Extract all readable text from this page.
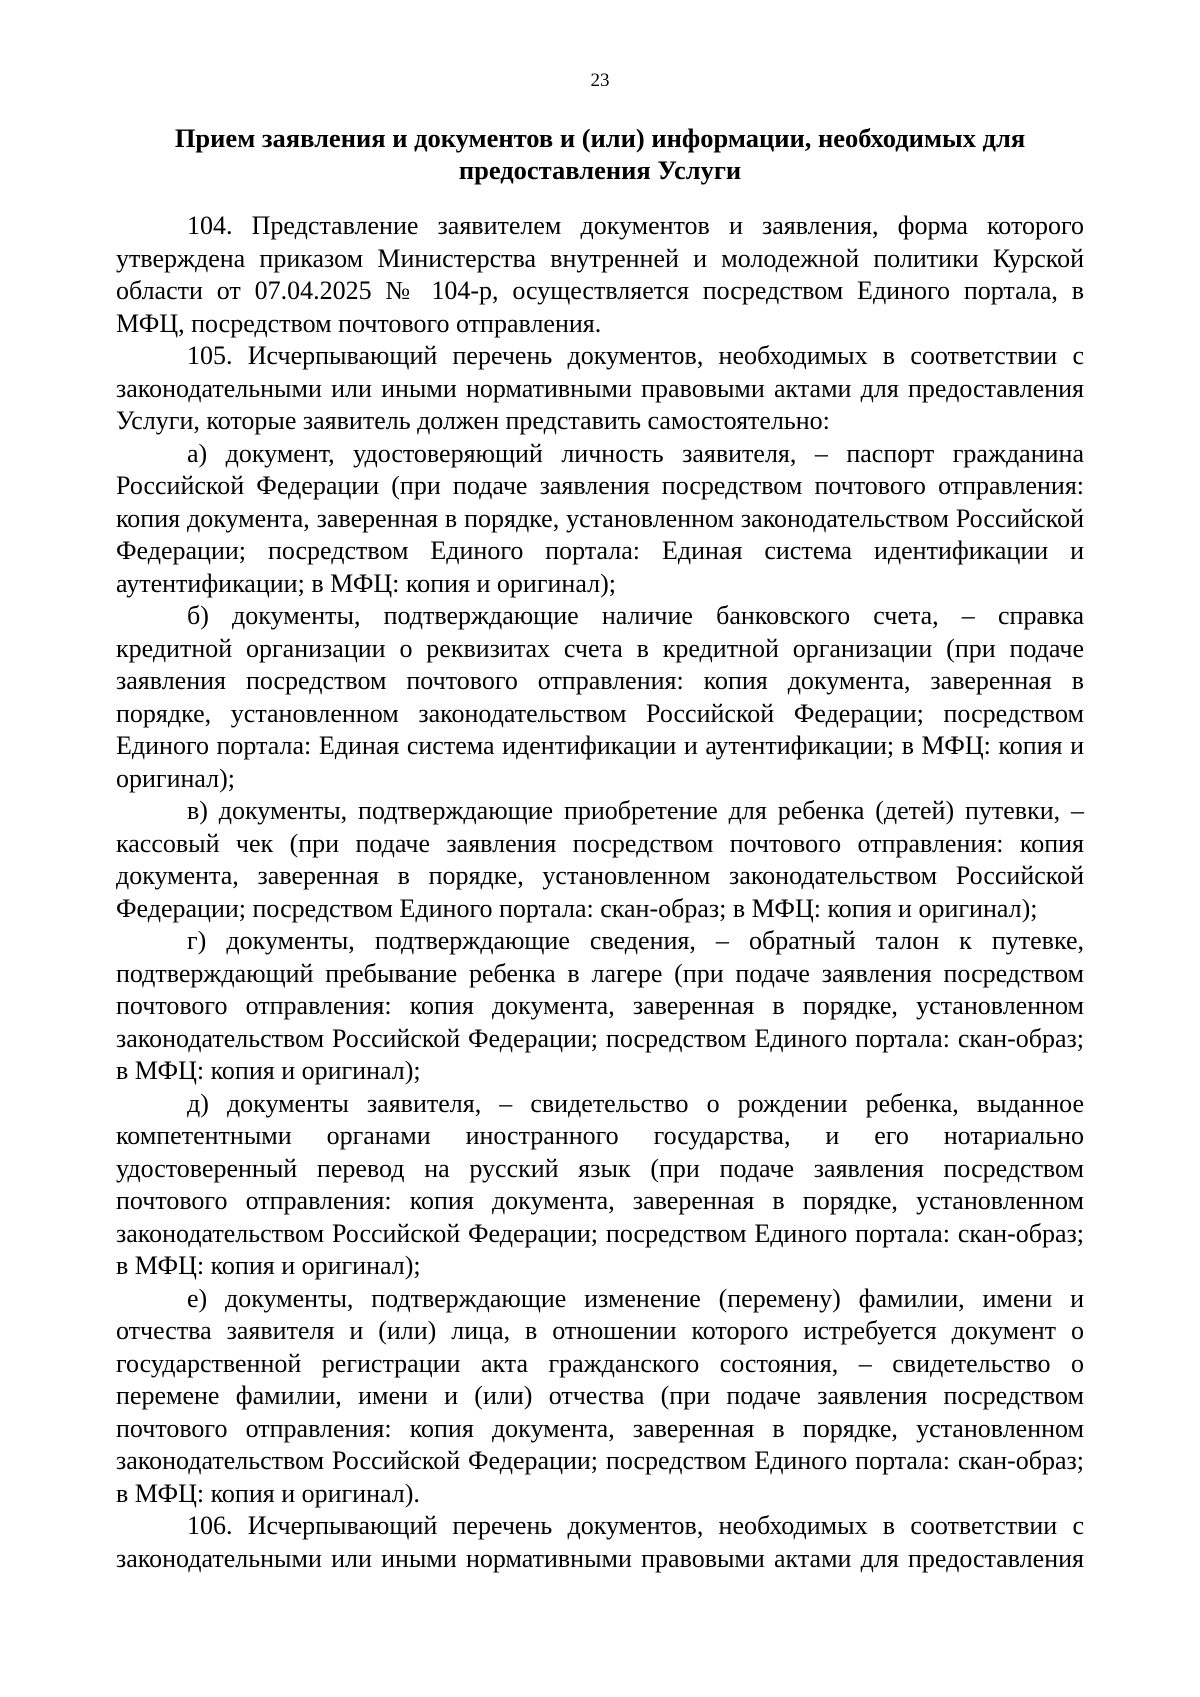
23
Прием заявления и документов и (или) информации, необходимых для
предоставления Услуги

104. Представление заявителем документов и заявления, форма которого утверждена приказом Министерства внутренней и молодежной политики Курской области от 07.04.2025 № 104-р, осуществляется посредством Единого портала, в МФЦ, посредством почтового отправления.

105. Исчерпывающий перечень документов, необходимых в соответствии с законодательными или иными нормативными правовыми актами для предоставления Услуги, которые заявитель должен представить самостоятельно:

а) документ, удостоверяющий личность заявителя, – паспорт гражданина Российской Федерации (при подаче заявления посредством почтового отправления: копия документа, заверенная в порядке, установленном законодательством Российской Федерации; посредством Единого портала: Единая система идентификации и аутентификации; в МФЦ: копия и оригинал);

б) документы, подтверждающие наличие банковского счета, – справка кредитной организации о реквизитах счета в кредитной организации (при подаче заявления посредством почтового отправления: копия документа, заверенная в порядке, установленном законодательством Российской Федерации; посредством Единого портала: Единая система идентификации и аутентификации; в МФЦ: копия и оригинал);

в) документы, подтверждающие приобретение для ребенка (детей) путевки, – кассовый чек (при подаче заявления посредством почтового отправления: копия документа, заверенная в порядке, установленном законодательством Российской Федерации; посредством Единого портала: скан-образ; в МФЦ: копия и оригинал);

г) документы, подтверждающие сведения, – обратный талон к путевке, подтверждающий пребывание ребенка в лагере (при подаче заявления посредством почтового отправления: копия документа, заверенная в порядке, установленном законодательством Российской Федерации; посредством Единого портала: скан-образ; в МФЦ: копия и оригинал);

д) документы заявителя, – свидетельство о рождении ребенка, выданное компетентными органами иностранного государства, и его нотариально удостоверенный перевод на русский язык (при подаче заявления посредством почтового отправления: копия документа, заверенная в порядке, установленном законодательством Российской Федерации; посредством Единого портала: скан-образ; в МФЦ: копия и оригинал);

е) документы, подтверждающие изменение (перемену) фамилии, имени и отчества заявителя и (или) лица, в отношении которого истребуется документ о государственной регистрации акта гражданского состояния, – свидетельство о перемене фамилии, имени и (или) отчества (при подаче заявления посредством почтового отправления: копия документа, заверенная в порядке, установленном законодательством Российской Федерации; посредством Единого портала: скан-образ; в МФЦ: копия и оригинал).

106. Исчерпывающий перечень документов, необходимых в соответствии с законодательными или иными нормативными правовыми актами для предоставления
